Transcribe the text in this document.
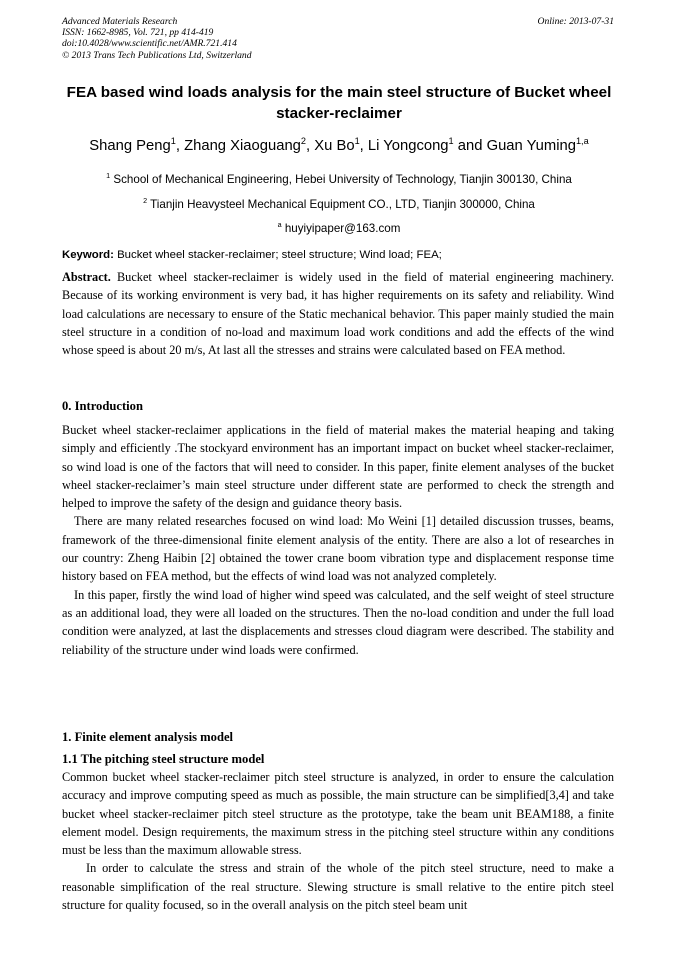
Advanced Materials Research
ISSN: 1662-8985, Vol. 721, pp 414-419
doi:10.4028/www.scientific.net/AMR.721.414
© 2013 Trans Tech Publications Ltd, Switzerland
Online: 2013-07-31
FEA based wind loads analysis for the main steel structure of Bucket wheel stacker-reclaimer
Shang Peng$^1$, Zhang Xiaoguang$^2$, Xu Bo$^1$, Li Yongcong$^1$ and Guan Yuming$^{1,a}$
$^1$ School of Mechanical Engineering, Hebei University of Technology, Tianjin 300130, China
$^2$ Tianjin Heavysteel Mechanical Equipment CO., LTD, Tianjin 300000, China
$^a$ huyiyipaper@163.com
Keyword: Bucket wheel stacker-reclaimer; steel structure; Wind load; FEA;

Abstract. Bucket wheel stacker-reclaimer is widely used in the field of material engineering machinery. Because of its working environment is very bad, it has higher requirements on its safety and reliability. Wind load calculations are necessary to ensure of the Static mechanical behavior. This paper mainly studied the main steel structure in a condition of no-load and maximum load work conditions and add the effects of the wind whose speed is about 20 m/s, At last all the stresses and strains were calculated based on FEA method.

0. Introduction

Bucket wheel stacker-reclaimer applications in the field of material makes the material heaping and taking simply and efficiently .The stockyard environment has an important impact on bucket wheel stacker-reclaimer, so wind load is one of the factors that will need to consider. In this paper, finite element analyses of the bucket wheel stacker-reclaimer’s main steel structure under different state are performed to check the strength and helped to improve the safety of the design and guidance theory basis.

There are many related researches focused on wind load: Mo Weini [1] detailed discussion trusses, beams, framework of the three-dimensional finite element analysis of the entity. There are also a lot of researches in our country: Zheng Haibin [2] obtained the tower crane boom vibration type and displacement response time history based on FEA method, but the effects of wind load was not analyzed completely.

In this paper, firstly the wind load of higher wind speed was calculated, and the self weight of steel structure as an additional load, they were all loaded on the structures. Then the no-load condition and under the full load condition were analyzed, at last the displacements and stresses cloud diagram were described. The stability and reliability of the structure under wind loads were confirmed.

1. Finite element analysis model
1.1 The pitching steel structure model

Common bucket wheel stacker-reclaimer pitch steel structure is analyzed, in order to ensure the calculation accuracy and improve computing speed as much as possible, the main structure can be simplified[3,4] and take bucket wheel stacker-reclaimer pitch steel structure as the prototype, take the beam unit BEAM188, a finite element model. Design requirements, the maximum stress in the pitching steel structure within any conditions must be less than the maximum allowable stress.

In order to calculate the stress and strain of the whole of the pitch steel structure, need to make a reasonable simplification of the real structure. Slewing structure is small relative to the entire pitch steel structure for quality focused, so in the overall analysis on the pitch steel beam unit
